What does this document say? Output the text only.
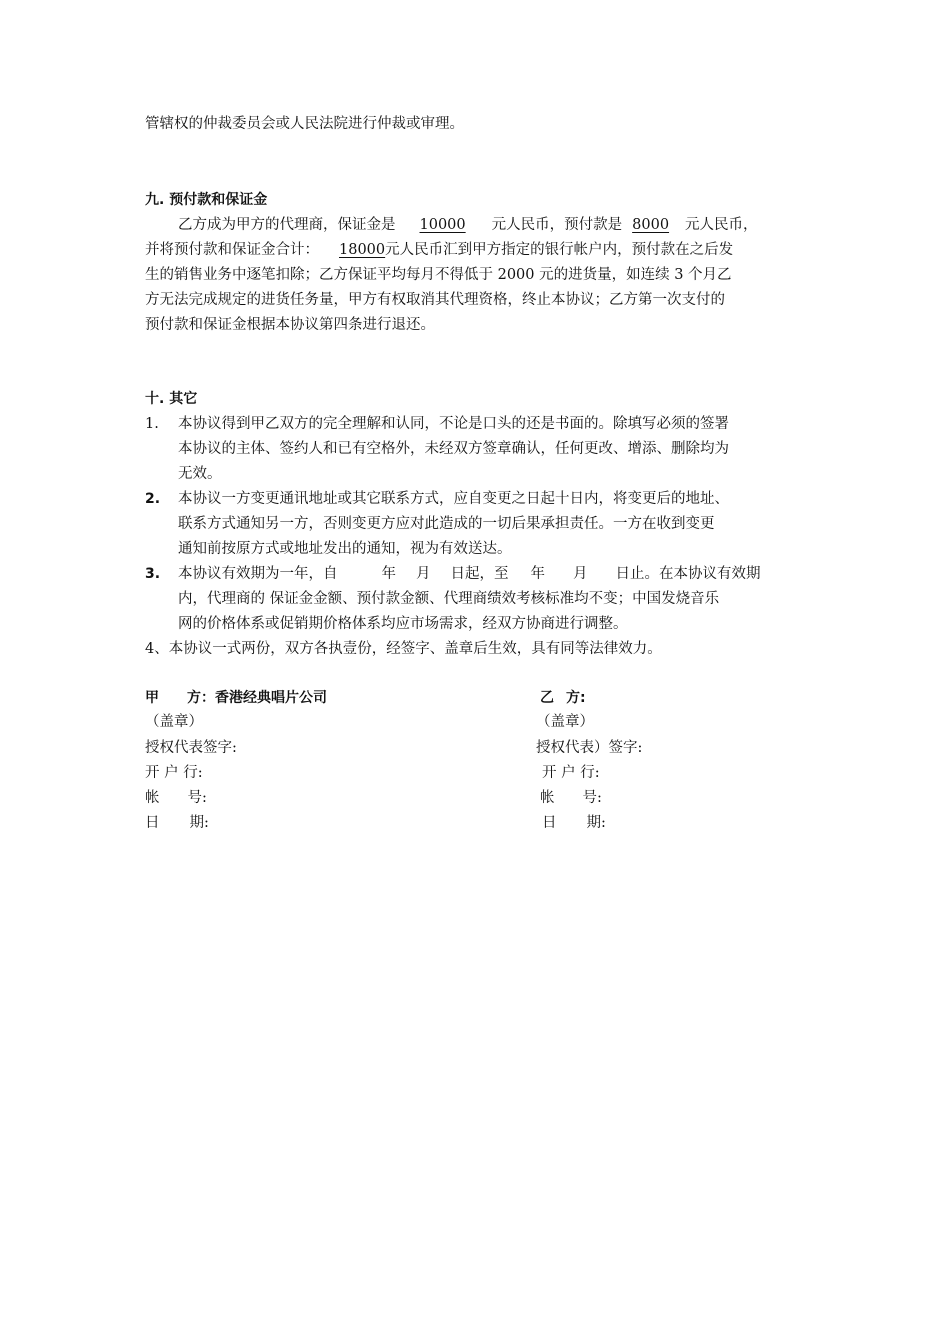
管辖权的仲裁委员会或人民法院进行仲裁或审理。
九. 预付款和保证金
乙方成为甲方的代理商，保证金是 10000 元人民币，预付款是 8000 元人民币，
并将预付款和保证金合计： 18000元人民币汇到甲方指定的银行帐户内，预付款在之后发
生的销售业务中逐笔扣除；乙方保证平均每月不得低于 2000 元的进货量，如连续 3 个月乙
方无法完成规定的进货任务量，甲方有权取消其代理资格，终止本协议；乙方第一次支付的
预付款和保证金根据本协议第四条进行退还。
十. 其它
1. 本协议得到甲乙双方的完全理解和认同，不论是口头的还是书面的。除填写必须的签署
本协议的主体、签约人和已有空格外，未经双方签章确认，任何更改、增添、删除均为
无效。
2. 本协议一方变更通讯地址或其它联系方式，应自变更之日起十日内，将变更后的地址、
联系方式通知另一方，否则变更方应对此造成的一切后果承担责任。一方在收到变更
通知前按原方式或地址发出的通知，视为有效送达。
3. 本协议有效期为一年，自	年 月 日起，至 年 月 日止。在本协议有效期
内，代理商的 保证金金额、预付款金额、代理商绩效考核标准均不变；中国发烧音乐
网的价格体系或促销期价格体系均应市场需求，经双方协商进行调整。
4、本协议一式两份，双方各执壹份，经签字、盖章后生效，具有同等法律效力。
甲 方：香港经典唱片公司
（盖章）
授权代表签字:
开 户 行:
帐 号:
日 期:
乙 方:
（盖章）
授权代表）签字:
开 户 行:
帐 号:
日 期:
